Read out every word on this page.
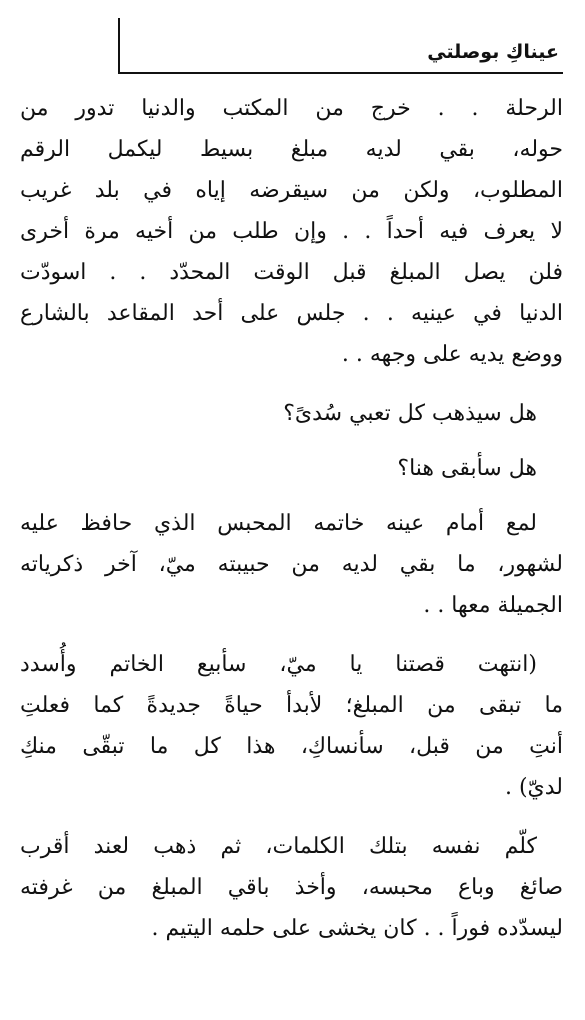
عيناكِ بوصلتي

الرحلة . . خرج من المكتب والدنيا تدور من
حوله، بقي لديه مبلغ بسيط ليكمل الرقم
المطلوب، ولكن من سيقرضه إياه في بلد غريب
لا يعرف فيه أحداً . . وإن طلب من أخيه مرة أخرى
فلن يصل المبلغ قبل الوقت المحدّد . . اسودّت
الدنيا في عينيه . . جلس على أحد المقاعد بالشارع
ووضع يديه على وجهه . .

هل سيذهب كل تعبي سُدىً؟

هل سأبقى هنا؟

لمع أمام عينه خاتمه المحبس الذي حافظ عليه
لشهور، ما بقي لديه من حبيبته ميّ، آخر ذكرياته
الجميلة معها . .

(انتهت قصتنا يا ميّ، سأبيع الخاتم وأُسدد
ما تبقى من المبلغ؛ لأبدأ حياةً جديدةً كما فعلتِ
أنتِ من قبل، سأنساكِ، هذا كل ما تبقّى منكِ
لديّ) .

كلّم نفسه بتلك الكلمات، ثم ذهب لعند أقرب
صائغ وباع محبسه، وأخذ باقي المبلغ من غرفته
ليسدّده فوراً . . كان يخشى على حلمه اليتيم .
